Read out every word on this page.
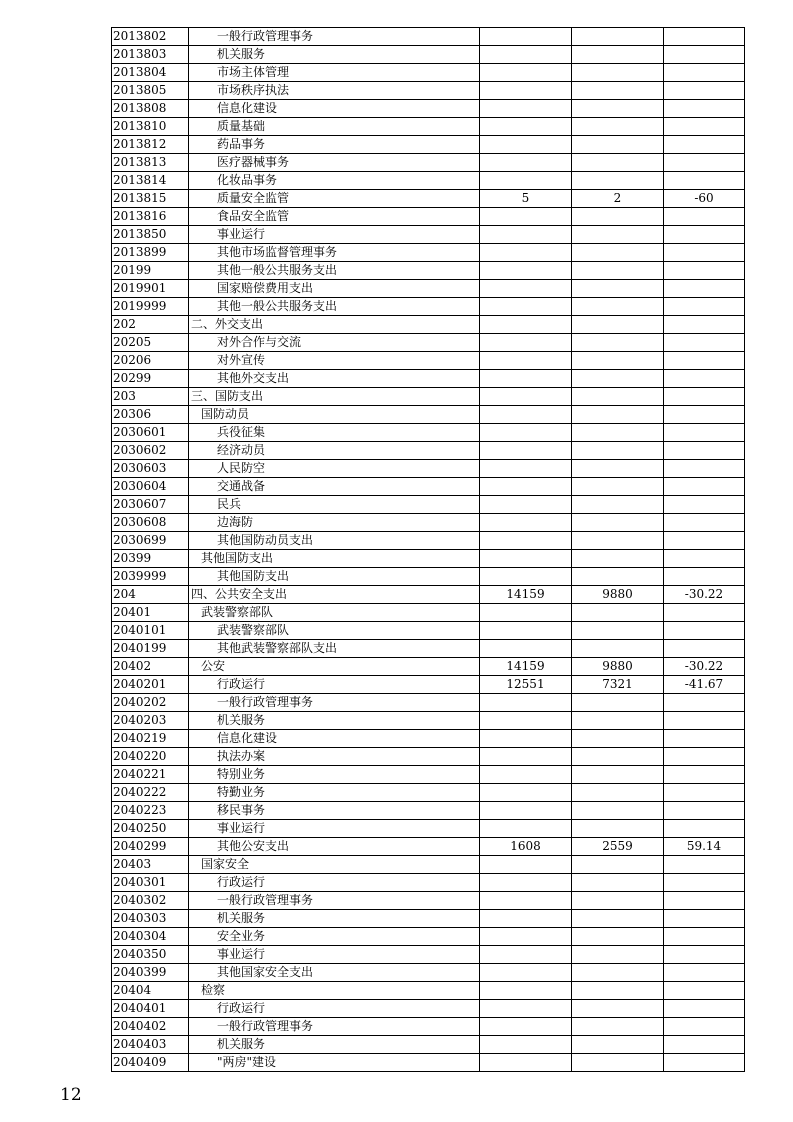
2013802	一般行政管理事务			
2013803	机关服务			
2013804	市场主体管理			
2013805	市场秩序执法			
2013808	信息化建设			
2013810	质量基础			
2013812	药品事务			
2013813	医疗器械事务			
2013814	化妆品事务			
2013815	质量安全监管	5	2	-60
2013816	食品安全监管			
2013850	事业运行			
2013899	其他市场监督管理事务			
20199	其他一般公共服务支出			
2019901	国家赔偿费用支出			
2019999	其他一般公共服务支出			
202	二、外交支出			
20205	对外合作与交流			
20206	对外宣传			
20299	其他外交支出			
203	三、国防支出			
20306	国防动员			
2030601	兵役征集			
2030602	经济动员			
2030603	人民防空			
2030604	交通战备			
2030607	民兵			
2030608	边海防			
2030699	其他国防动员支出			
20399	其他国防支出			
2039999	其他国防支出			
204	四、公共安全支出	14159	9880	-30.22
20401	武装警察部队			
2040101	武装警察部队			
2040199	其他武装警察部队支出			
20402	公安	14159	9880	-30.22
2040201	行政运行	12551	7321	-41.67
2040202	一般行政管理事务			
2040203	机关服务			
2040219	信息化建设			
2040220	执法办案			
2040221	特别业务			
2040222	特勤业务			
2040223	移民事务			
2040250	事业运行			
2040299	其他公安支出	1608	2559	59.14
20403	国家安全			
2040301	行政运行			
2040302	一般行政管理事务			
2040303	机关服务			
2040304	安全业务			
2040350	事业运行			
2040399	其他国家安全支出			
20404	检察			
2040401	行政运行			
2040402	一般行政管理事务			
2040403	机关服务			
2040409	"两房"建设			
12
